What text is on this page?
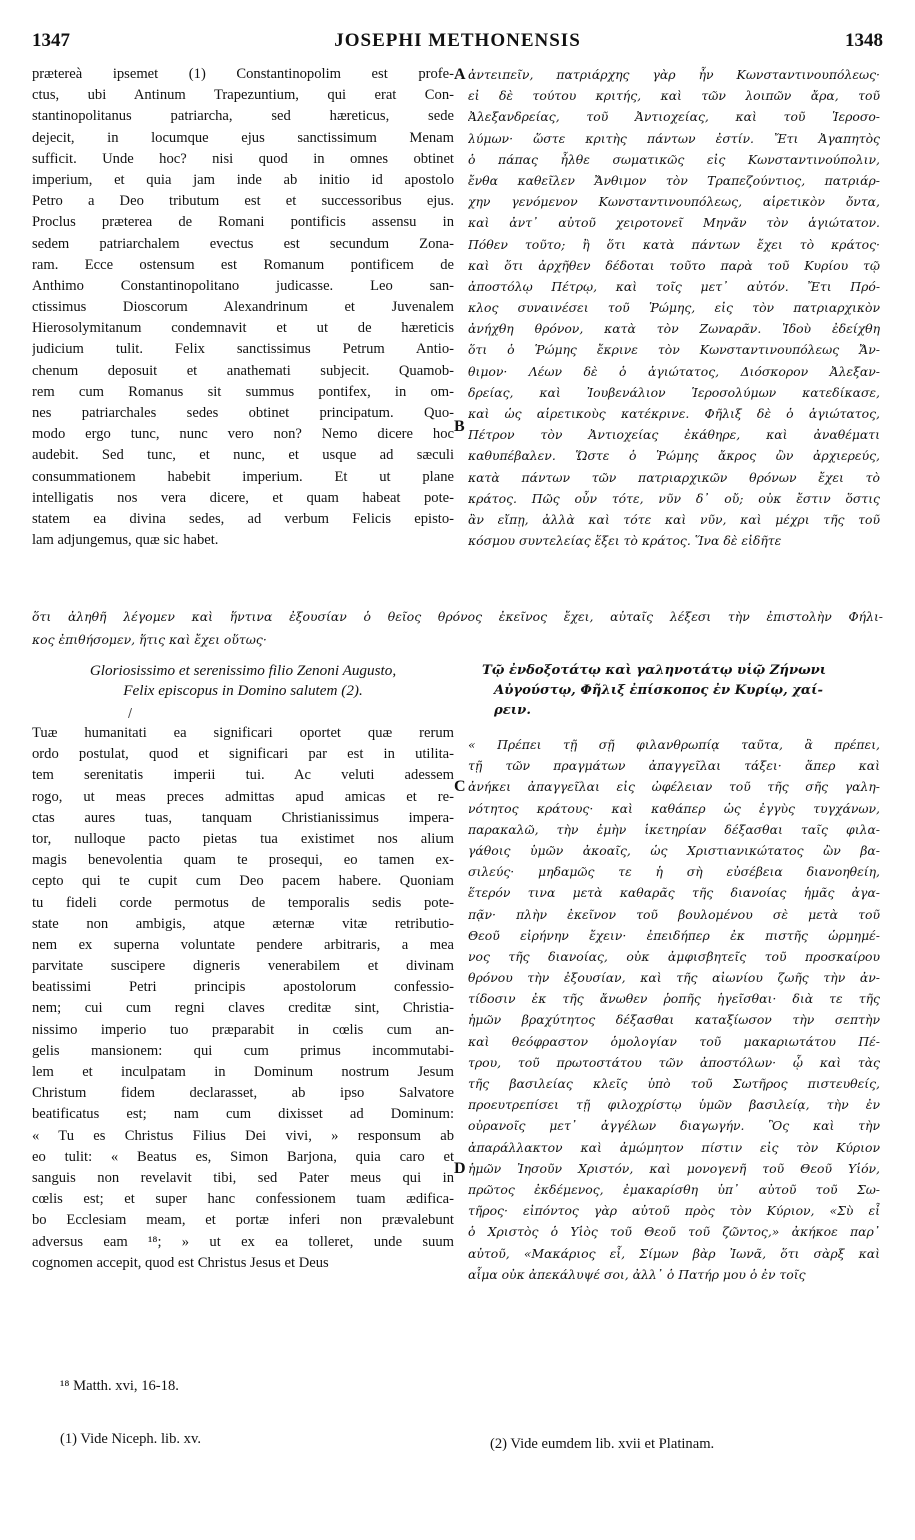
1347	JOSEPHI METHONENSIS	1348
prætereà ipsemet (1) Constantinopolim est profe-
ctus, ubi Antinum Trapezuntium, qui erat Con-
stantinopolitanus patriarcha, sed hæreticus, sede
dejecit, in locumque ejus sanctissimum Menam
sufficit. Unde hoc? nisi quod in omnes obtinet
imperium, et quia jam inde ab initio id apostolo
Petro a Deo tributum est et successoribus ejus.
Proclus præterea de Romani pontificis assensu in
sedem patriarchalem evectus est secundum Zona-
ram. Ecce ostensum est Romanum pontificem de
Anthimo Constantinopolitano judicasse. Leo san-
ctissimus Dioscorum Alexandrinum et Juvenalem
Hierosolymitanum condemnavit et ut de hæreticis
judicium tulit. Felix sanctissimus Petrum Antio-
chenum deposuit et anathemati subjecit. Quamob-
rem cum Romanus sit summus pontifex, in om-
nes patriarchales sedes obtinet principatum. Quo-
modo ergo tunc, nunc vero non? Nemo dicere hoc
audebit. Sed tunc, et nunc, et usque ad sæculi
consummationem habebit imperium. Et ut plane
intelligatis nos vera dicere, et quam habeat pote-
statem ea divina sedes, ad verbum Felicis episto-
lam adjungemus, quæ sic habet.
ἀντειπεῖν, πατριάρχης γὰρ ἦν Κωνσταντινουπόλεως·
εἰ δὲ τούτου κριτής, καὶ τῶν λοιπῶν ἄρα, τοῦ
Ἀλεξανδρείας, τοῦ Ἀντιοχείας, καὶ τοῦ Ἱεροσο-
λύμων· ὥστε κριτὴς πάντων ἐστίν. Ἔτι Ἀγαπητὸς
ὁ πάπας ἦλθε σωματικῶς εἰς Κωνσταντινούπολιν,
ἔνθα καθεῖλεν Ἄνθιμον τὸν Τραπεζούντιος, πατριάρ-
χην γενόμενον Κωνσταντινουπόλεως, αἱρετικὸν ὄντα,
καὶ ἀντ᾽ αὐτοῦ χειροτονεῖ Μηνᾶν τὸν ἁγιώτατον.
Πόθεν τοῦτο; ἢ ὅτι κατὰ πάντων ἔχει τὸ κράτος·
καὶ ὅτι ἀρχῆθεν δέδοται τοῦτο παρὰ τοῦ Κυρίου τῷ
ἀποστόλῳ Πέτρῳ, καὶ τοῖς μετ᾽ αὐτόν. Ἔτι Πρό-
κλος συναινέσει τοῦ Ῥώμης, εἰς τὸν πατριαρχικὸν
ἀνήχθη θρόνον, κατὰ τὸν Ζωναρᾶν. Ἰδοὺ ἐδείχθη
ὅτι ὁ Ῥώμης ἔκρινε τὸν Κωνσταντινουπόλεως Ἄν-
θιμον· Λέων δὲ ὁ ἁγιώτατος, Διόσκορον Ἀλεξαν-
δρείας, καὶ Ἰουβενάλιον Ἱεροσολύμων κατεδίκασε,
καὶ ὡς αἱρετικοὺς κατέκρινε. Φῆλιξ δὲ ὁ ἁγιώτατος,
Πέτρον τὸν Ἀντιοχείας ἐκάθηρε, καὶ ἀναθέματι
καθυπέβαλεν. Ὥστε ὁ Ῥώμης ἄκρος ὢν ἀρχιερεύς,
κατὰ πάντων τῶν πατριαρχικῶν θρόνων ἔχει τὸ
κράτος. Πῶς οὖν τότε, νῦν δ᾽ οὔ; οὐκ ἔστιν ὅστις
ἂν εἴπῃ, ἀλλὰ καὶ τότε καὶ νῦν, καὶ μέχρι τῆς τοῦ
κόσμου συντελείας ἕξει τὸ κράτος. Ἵνα δὲ εἰδῆτε
ὅτι ἀληθῆ λέγομεν καὶ ἥντινα ἐξουσίαν ὁ θεῖος θρόνος ἐκεῖνος ἔχει, αὐταῖς λέξεσι τὴν ἐπιστολὴν Φήλι-
κος ἐπιθήσομεν, ἥτις καὶ ἔχει οὕτως·
Gloriosissimo et serenissimo filio Zenoni Augusto,
Felix episcopus in Domino salutem (2).
Τῷ ἐνδοξοτάτῳ καὶ γαληνοτάτῳ υἱῷ Ζήνωνι
Αὐγούστῳ, Φῆλιξ ἐπίσκοπος ἐν Κυρίῳ, χαί-
ρειν.
/
Tuæ humanitati ea significari oportet quæ rerum
ordo postulat, quod et significari par est in utilita-
tem serenitatis imperii tui. Ac veluti adessem
rogo, ut meas preces admittas apud amicas et re-
ctas aures tuas, tanquam Christianissimus impera-
tor, nulloque pacto pietas tua existimet nos alium
magis benevolentia quam te prosequi, eo tamen ex-
cepto qui te cupit cum Deo pacem habere. Quoniam
tu fideli corde permotus de temporalis sedis pote-
state non ambigis, atque æternæ vitæ retributio-
nem ex superna voluntate pendere arbitraris, a mea
parvitate suscipere digneris venerabilem et divinam
beatissimi Petri principis apostolorum confessio-
nem; cui cum regni claves creditæ sint, Christia-
nissimo imperio tuo præparabit in cœlis cum an-
gelis mansionem: qui cum primus incommutabi-
lem et inculpatam in Dominum nostrum Jesum
Christum fidem declarasset, ab ipso Salvatore
beatificatus est; nam cum dixisset ad Dominum:
« Tu es Christus Filius Dei vivi, » responsum ab
eo tulit: « Beatus es, Simon Barjona, quia caro et
sanguis non revelavit tibi, sed Pater meus qui in
cœlis est; et super hanc confessionem tuam ædifica-
bo Ecclesiam meam, et portæ inferi non prævalebunt
adversus eam ¹⁸; » ut ex ea tolleret, unde suum
cognomen accepit, quod est Christus Jesus et Deus
« Πρέπει τῇ σῇ φιλανθρωπίᾳ ταῦτα, ἃ πρέπει,
τῇ τῶν πραγμάτων ἀπαγγεῖλαι τάξει· ἅπερ καὶ
ἀνήκει ἀπαγγεῖλαι εἰς ὠφέλειαν τοῦ τῆς σῆς γαλη-
νότητος κράτους· καὶ καθάπερ ὡς ἐγγὺς τυγχάνων,
παρακαλῶ, τὴν ἐμὴν ἱκετηρίαν δέξασθαι ταῖς φιλα-
γάθοις ὑμῶν ἀκοαῖς, ὡς Χριστιανικώτατος ὢν βα-
σιλεύς· μηδαμῶς τε ἡ σὴ εὐσέβεια διανοηθείη,
ἕτερόν τινα μετὰ καθαρᾶς τῆς διανοίας ἡμᾶς ἀγα-
πᾷν· πλὴν ἐκεῖνον τοῦ βουλομένου σὲ μετὰ τοῦ
Θεοῦ εἰρήνην ἔχειν· ἐπειδήπερ ἐκ πιστῆς ὡρμημέ-
νος τῆς διανοίας, οὐκ ἀμφισβητεῖς τοῦ προσκαίρου
θρόνου τὴν ἐξουσίαν, καὶ τῆς αἰωνίου ζωῆς τὴν ἀν-
τίδοσιν ἐκ τῆς ἄνωθεν ῥοπῆς ἡγεῖσθαι· διὰ τε τῆς
ἡμῶν βραχύτητος δέξασθαι καταξίωσον τὴν σεπτὴν
καὶ θεόφραστον ὁμολογίαν τοῦ μακαριωτάτου Πέ-
τρου, τοῦ πρωτοστάτου τῶν ἀποστόλων· ᾧ καὶ τὰς
τῆς βασιλείας κλεῖς ὑπὸ τοῦ Σωτῆρος πιστευθείς,
προευτρεπίσει τῇ φιλοχρίστῳ ὑμῶν βασιλείᾳ, τὴν ἐν
οὐρανοῖς μετ᾽ ἀγγέλων διαγωγήν. Ὃς καὶ τὴν
ἀπαράλλακτον καὶ ἀμώμητον πίστιν εἰς τὸν Κύριον
ἡμῶν Ἰησοῦν Χριστόν, καὶ μονογενῆ τοῦ Θεοῦ Υἱόν,
πρῶτος ἐκδέμενος, ἐμακαρίσθη ὑπ᾽ αὐτοῦ τοῦ Σω-
τῆρος· εἰπόντος γὰρ αὐτοῦ πρὸς τὸν Κύριον, «Σὺ εἶ
ὁ Χριστὸς ὁ Υἱὸς τοῦ Θεοῦ τοῦ ζῶντος,» ἀκήκοε παρ᾽
αὐτοῦ, «Μακάριος εἶ, Σίμων βὰρ Ἰωνᾶ, ὅτι σὰρξ καὶ
αἷμα οὐκ ἀπεκάλυψέ σοι, ἀλλ᾽ ὁ Πατήρ μου ὁ ἐν τοῖς
A
B
C
D
¹⁸ Matth. xvi, 16-18.
(1) Vide Niceph. lib. xv.	(2) Vide eumdem lib. xvii et Platinam.
